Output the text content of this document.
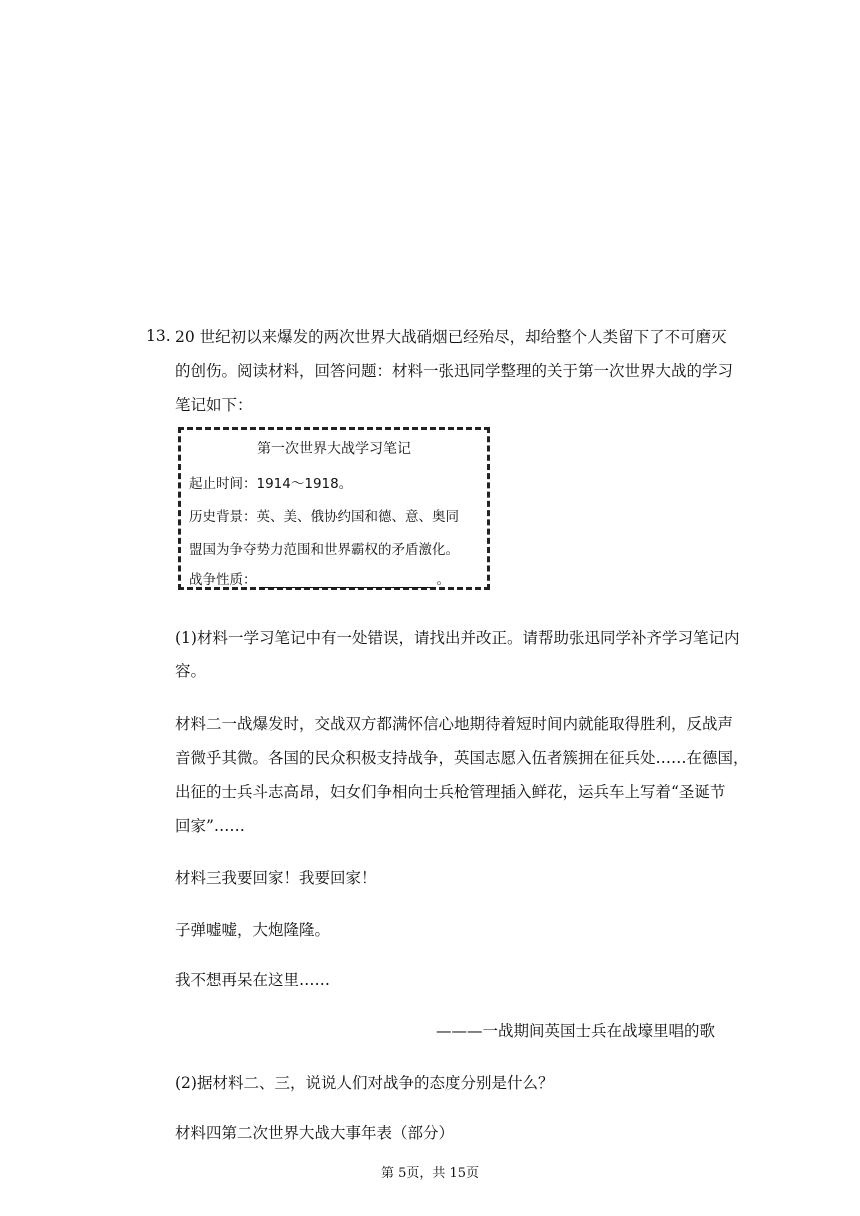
13. 20 世纪初以来爆发的两次世界大战硝烟已经殆尽，却给整个人类留下了不可磨灭
的创伤。阅读材料，回答问题：材料一张迅同学整理的关于第一次世界大战的学习
笔记如下：
第一次世界大战学习笔记
起止时间：1914～1918。
历史背景：英、美、俄协约国和德、意、奥同
盟国为争夺势力范围和世界霸权的矛盾激化。
战争性质：	。
(1)材料一学习笔记中有一处错误，请找出并改正。请帮助张迅同学补齐学习笔记内
容。
材料二一战爆发时，交战双方都满怀信心地期待着短时间内就能取得胜利，反战声
音微乎其微。各国的民众积极支持战争，英国志愿入伍者簇拥在征兵处……在德国，
出征的士兵斗志高昂，妇女们争相向士兵枪管理插入鲜花，运兵车上写着“圣诞节
回家”……
材料三我要回家！我要回家！
子弹嘘嘘，大炮隆隆。
我不想再呆在这里……
———一战期间英国士兵在战壕里唱的歌
(2)据材料二、三，说说人们对战争的态度分别是什么？
材料四第二次世界大战大事年表（部分）
第 5页，共 15页
